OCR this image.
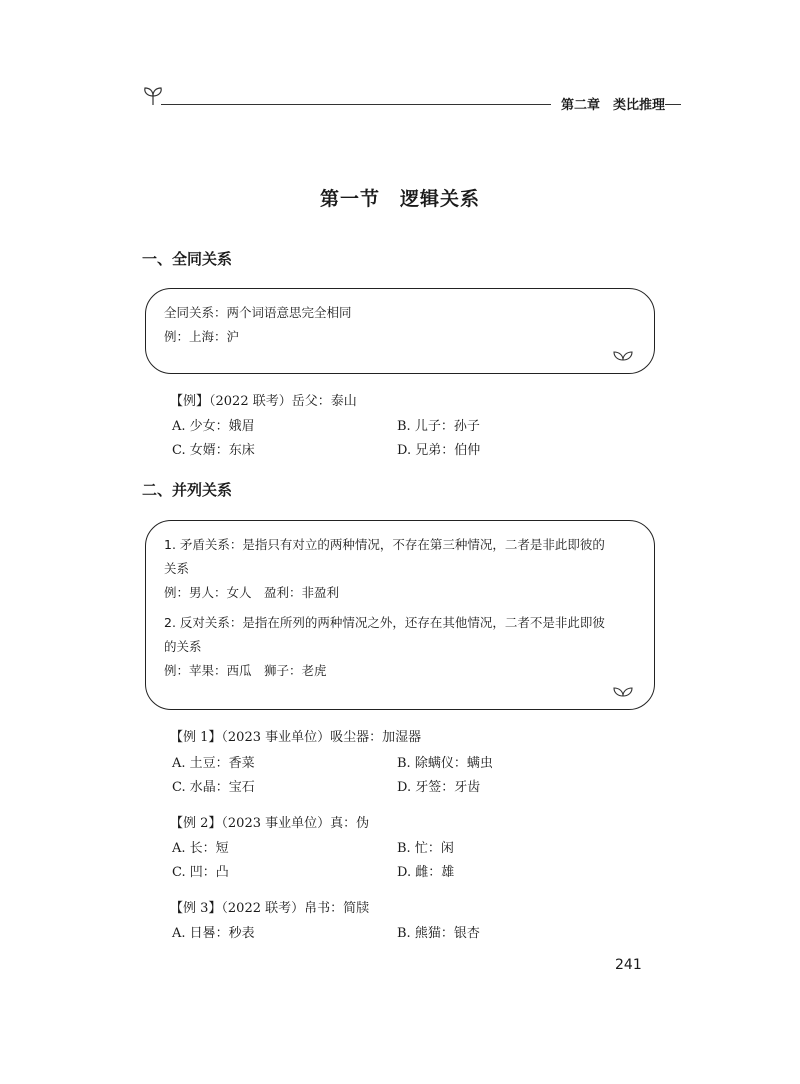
第二章　类比推理
第一节　逻辑关系
一、全同关系

全同关系：两个词语意思完全相同

例：上海：沪

【例】（2022 联考）岳父：泰山
A. 少女：娥眉	B. 儿子：孙子
C. 女婿：东床	D. 兄弟：伯仲
二、并列关系

1. 矛盾关系：是指只有对立的两种情况，不存在第三种情况，二者是非此即彼的

关系

例：男人：女人　盈利：非盈利

2. 反对关系：是指在所列的两种情况之外，还存在其他情况，二者不是非此即彼

的关系

例：苹果：西瓜　狮子：老虎

【例 1】（2023 事业单位）吸尘器：加湿器
A. 土豆：香菜	B. 除螨仪：螨虫
C. 水晶：宝石	D. 牙签：牙齿
【例 2】（2023 事业单位）真：伪
A. 长：短	B. 忙：闲
C. 凹：凸	D. 雌：雄
【例 3】（2022 联考）帛书：简牍
A. 日晷：秒表	B. 熊猫：银杏
241
